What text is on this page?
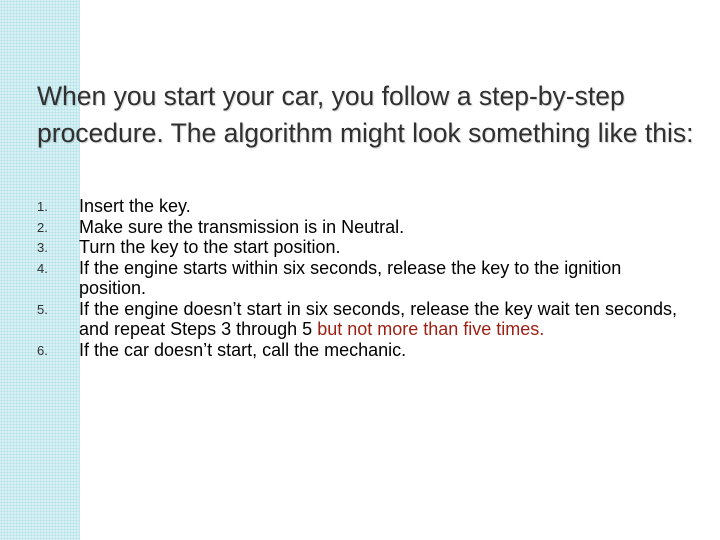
When you start your car, you follow a step-by-step procedure. The algorithm might look something like this:
1. Insert the key.
2. Make sure the transmission is in Neutral.
3. Turn the key to the start position.
4. If the engine starts within six seconds, release the key to the ignition position.
5. If the engine doesn’t start in six seconds, release the key wait ten seconds, and repeat Steps 3 through 5 but not more than five times.
6. If the car doesn’t start, call the mechanic.
